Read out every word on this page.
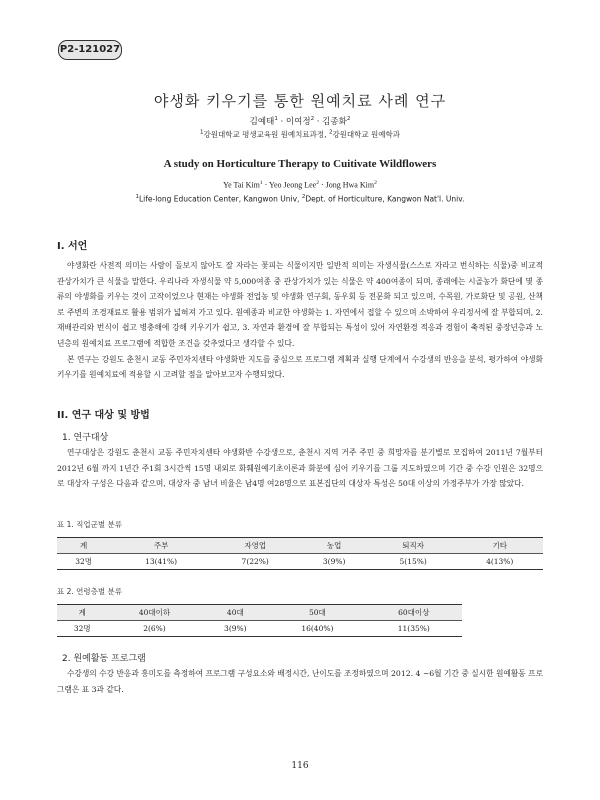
P2-121027
야생화 키우기를 통한 원예치료 사례 연구
김예태$^1$ · 이여정$^2$ · 김종화$^2$
$^1$강원대학교 평생교육원 원예치료과정, $^2$강원대학교 원예학과
A study on Horticulture Therapy to Cuitivate Wildflowers
Ye Tai Kim$^1$ · Yeo Jeong Lee$^2$ · Jong Hwa Kim$^2$
$^1$Life-long Education Center, Kangwon Univ, $^2$Dept. of Horticulture, Kangwon Nat'l. Univ.
I. 서언

야생화란 사전적 의미는 사람이 돌보지 않아도 잘 자라는 꽃피는 식물이지만 일반적 의미는 자생식물(스스로 자라고 번식하는 식물)중 비교적 관상가치가 큰 식물을 말한다. 우리나라 자생식물 약 5,000여종 중 관상가치가 있는 식물은 약 400여종이 되며, 종래에는 시골농가 화단에 몇 종류의 야생화를 키우는 것이 고작이었으나 현재는 야생화 전업농 및 야생화 연구회, 동우회 등 전문화 되고 있으며, 수목원, 가로화단 및 공원, 산책로 주변의 조경재료로 활용 범위가 넓혀져 가고 있다. 원예종과 비교한 야생화는 1. 자연에서 접할 수 있으며 소박하여 우리정서에 잘 부합되며, 2. 재배관리와 번식이 쉽고 병충해에 강해 키우기가 쉽고, 3. 자연과 환경에 잘 부합되는 특성이 있어 자연환경 적응과 경험이 축적된 중장년층과 노년층의 원예치료 프로그램에 적합한 조건을 갖추었다고 생각할 수 있다.

본 연구는 강원도 춘천시 교동 주민자치센타 야생화반 지도를 중심으로 프로그램 계획과 실행 단계에서 수강생의 반응을 분석, 평가하여 야생화 키우기를 원예치료에 적용할 시 고려할 점을 알아보고자 수행되었다.

II. 연구 대상 및 방법
1. 연구대상

연구대상은 강원도 춘천시 교동 주민자치센타 야생화반 수강생으로, 춘천시 지역 거주 주민 중 희망자를 분기별로 모집하여 2011년 7월부터 2012년 6월 까지 1년간 주1회 3시간씩 15명 내외로 화훼원예기초이론과 화분에 심어 키우기를 그룹 지도하였으며 기간 중 수강 인원은 32명으로 대상자 구성은 다음과 같으며, 대상자 중 남녀 비율은 남4명 여28명으로 표본집단의 대상자 특성은 50대 이상의 가정주부가 가장 많았다.

표 1. 직업군별 분류
계	주부	자영업	농업	퇴직자	기타
32명	13(41%)	7(22%)	3(9%)	5(15%)	4(13%)
표 2. 연령층별 분류
계	40대이하	40대	50대	60대이상
32명	2(6%)	3(9%)	16(40%)	11(35%)
2. 원예활동 프로그램

수강생의 수강 반응과 흥미도를 측정하여 프로그램 구성요소와 배정시간, 난이도를 조정하였으며 2012. 4 ~6월 기간 중 실시한 원예활동 프로그램은 표 3과 같다.

116
